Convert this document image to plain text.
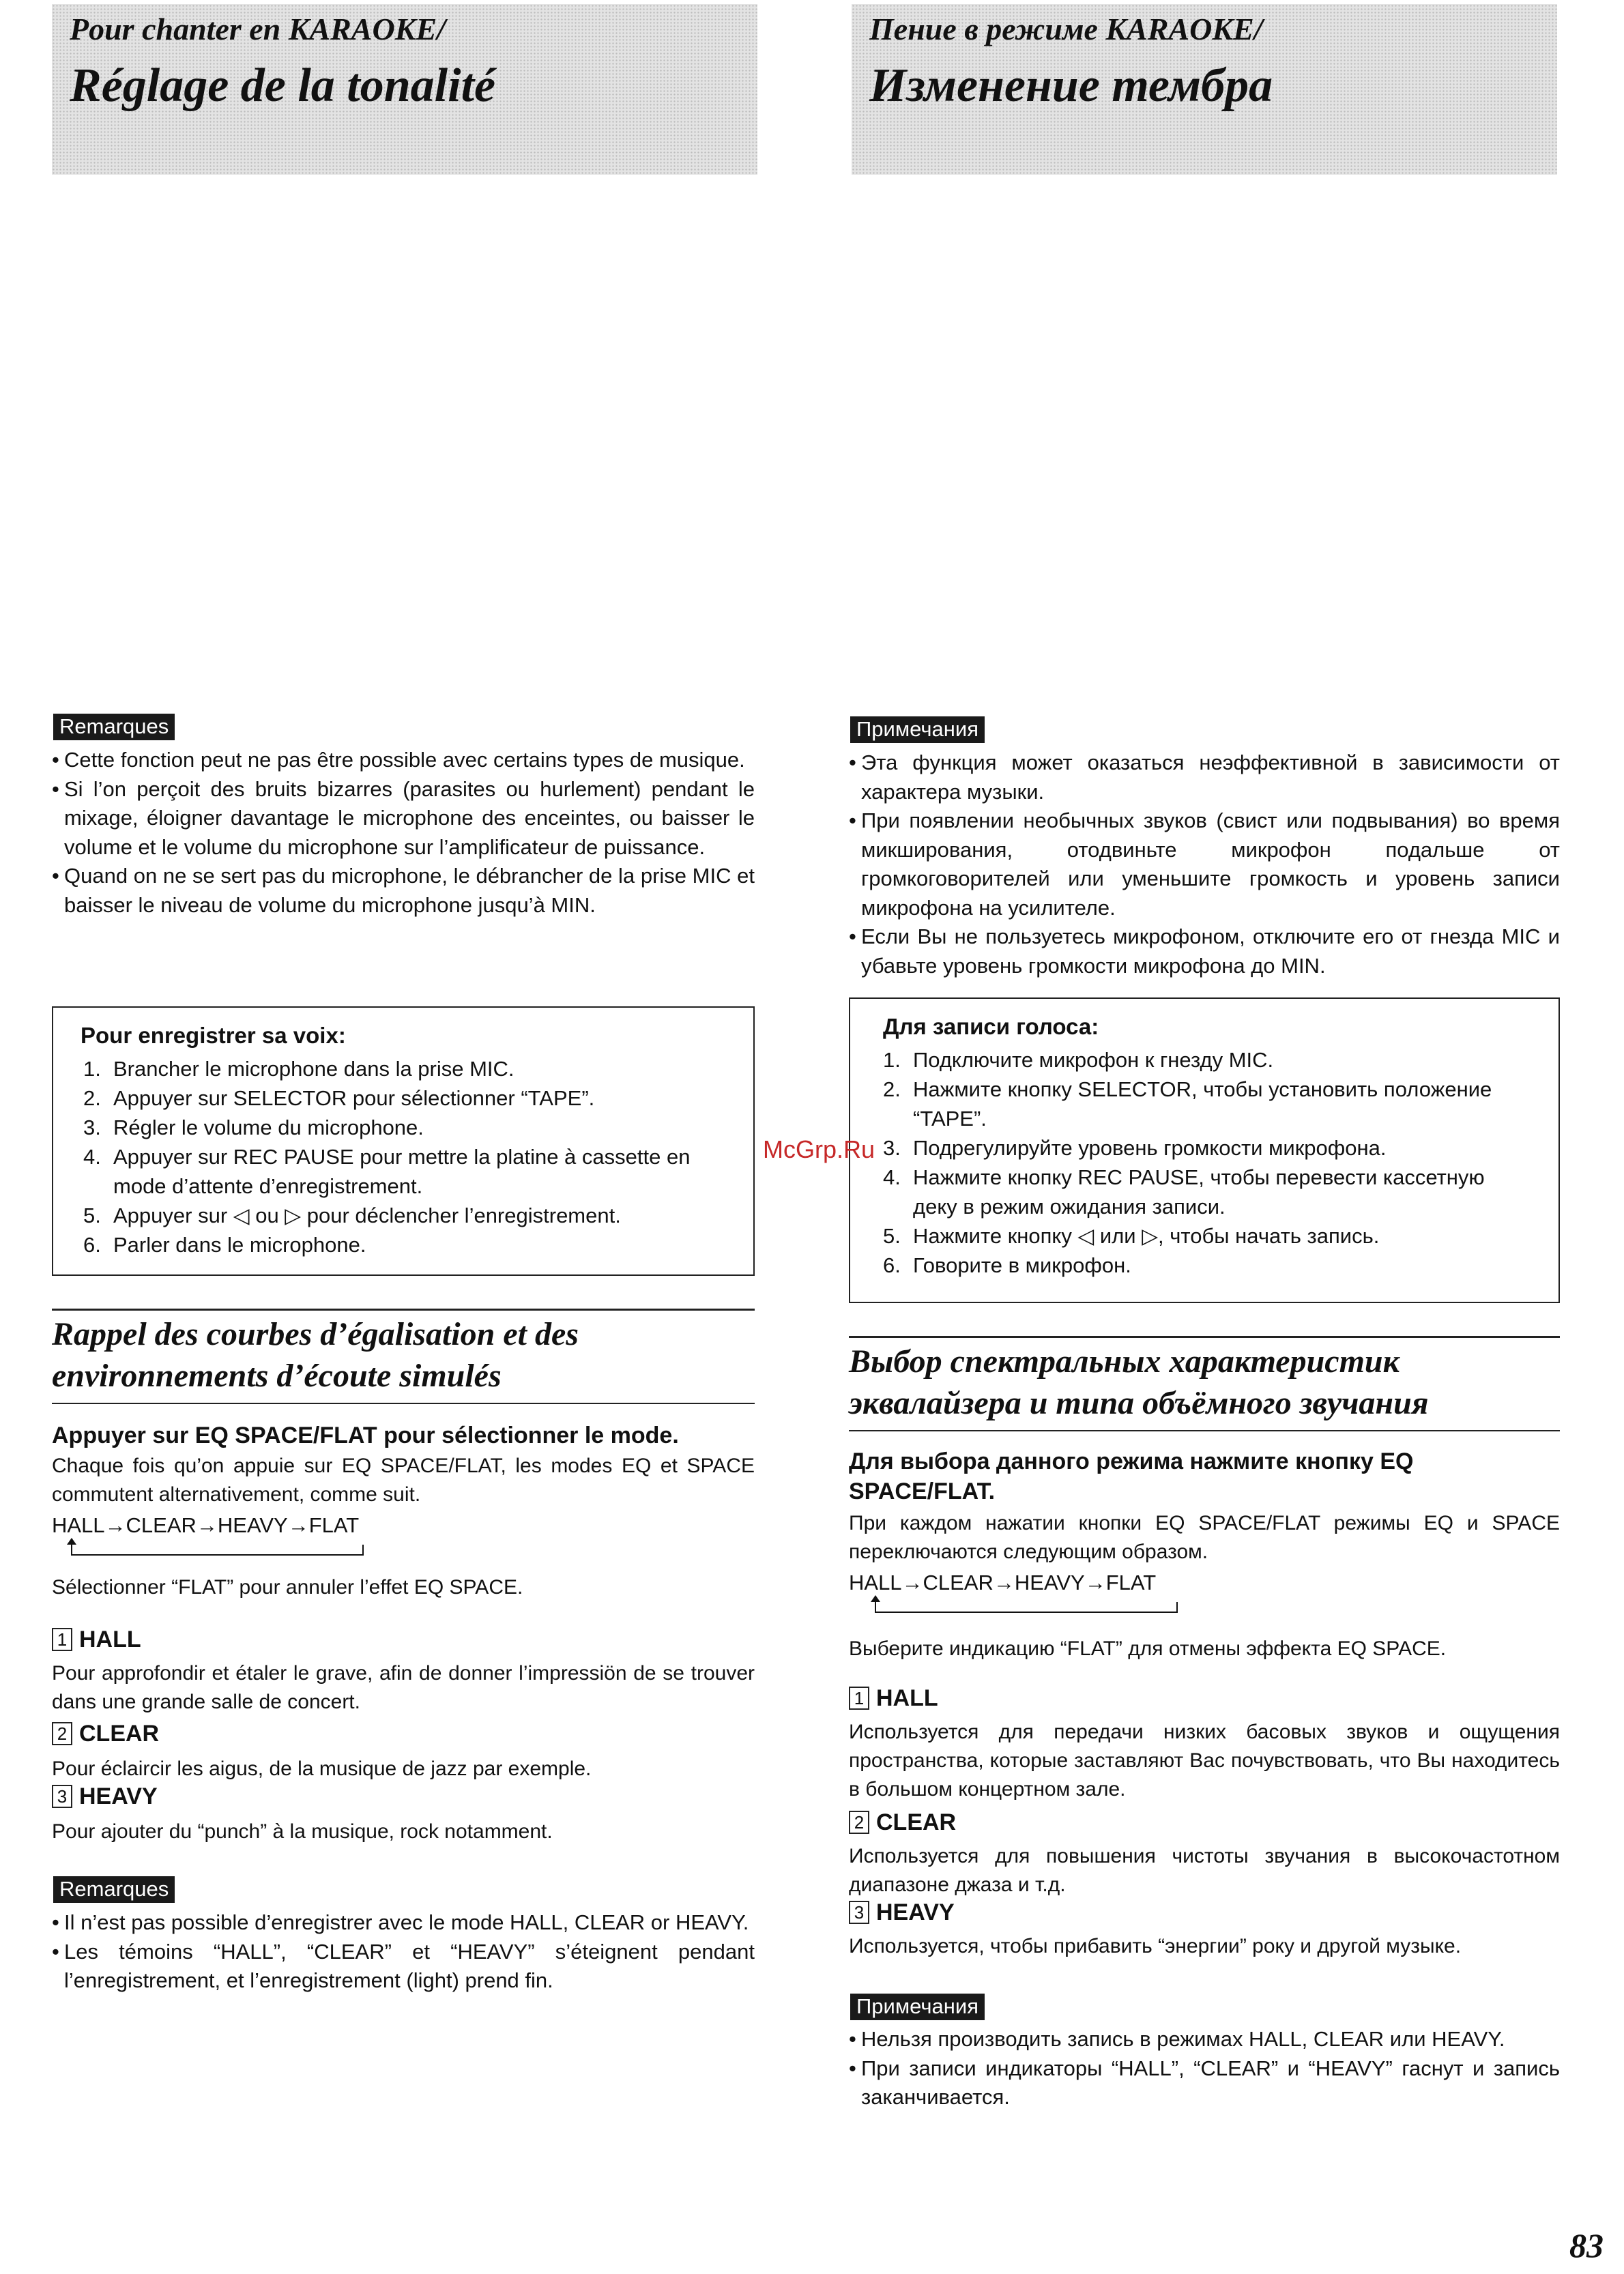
Pour chanter en KARAOKE/
Réglage de la tonalité
Remarques
• Cette fonction peut ne pas être possible avec certains types de musique.
• Si l’on perçoit des bruits bizarres (parasites ou hurlement) pendant le mixage, éloigner davantage le microphone des enceintes, ou baisser le volume et le volume du microphone sur l’amplificateur de puissance.
• Quand on ne se sert pas du microphone, le débrancher de la prise MIC et baisser le niveau de volume du microphone jusqu’à MIN.
Pour enregistrer sa voix:
1. Brancher le microphone dans la prise MIC.
2. Appuyer sur SELECTOR pour sélectionner “TAPE”.
3. Régler le volume du microphone.
4. Appuyer sur REC PAUSE pour mettre la platine à cassette en mode d’attente d’enregistrement.
5. Appuyer sur ◁ ou ▷ pour déclencher l’enregistrement.
6. Parler dans le microphone.
Rappel des courbes d’égalisation et des environnements d’écoute simulés
Appuyer sur EQ SPACE/FLAT pour sélectionner le mode.
Chaque fois qu’on appuie sur EQ SPACE/FLAT, les modes EQ et SPACE commutent alternativement, comme suit.
HALL→CLEAR→HEAVY→FLAT
Sélectionner “FLAT” pour annuler l’effet EQ SPACE.
1 HALL
Pour approfondir et étaler le grave, afin de donner l’impressiön de se trouver dans une grande salle de concert.
2 CLEAR
Pour éclaircir les aigus, de la musique de jazz par exemple.
3 HEAVY
Pour ajouter du “punch” à la musique, rock notamment.
Remarques
• Il n’est pas possible d’enregistrer avec le mode HALL, CLEAR or HEAVY.
• Les témoins “HALL”, “CLEAR” et “HEAVY” s’éteignent pendant l’enregistrement, et l’enregistrement (light) prend fin.
Пение в режиме KARAOKE/
Изменение тембра
Примечания
• Эта функция может оказаться неэффективной в зависимости от характера музыки.
• При появлении необычных звуков (свист или подвывания) во время микширования, отодвиньте микрофон подальше от громкоговорителей или уменьшите громкость и уровень записи микрофона на усилителе.
• Если Вы не пользуетесь микрофоном, отключите его от гнезда MIC и убавьте уровень громкости микрофона до MIN.
Для записи голоса:
1. Подключите микрофон к гнезду MIC.
2. Нажмите кнопку SELECTOR, чтобы установить положение “TAPE”.
3. Подрегулируйте уровень громкости микрофона.
4. Нажмите кнопку REC PAUSE, чтобы перевести кассетную деку в режим ожидания записи.
5. Нажмите кнопку ◁ или ▷, чтобы начать запись.
6. Говорите в микрофон.
McGrp.Ru
Выбор спектральных характеристик эквалайзера и типа объёмного звучания
Для выбора данного режима нажмите кнопку EQ SPACE/FLAT.
При каждом нажатии кнопки EQ SPACE/FLAT режимы EQ и SPACE переключаются следующим образом.
HALL→CLEAR→HEAVY→FLAT
Выберите индикацию “FLAT” для отмены эффекта EQ SPACE.
1 HALL
Используется для передачи низких басовых звуков и ощущения пространства, которые заставляют Вас почувствовать, что Вы находитесь в большом концертном зале.
2 CLEAR
Используется для повышения чистоты звучания в высокочастотном диапазоне джаза и т.д.
3 HEAVY
Используется, чтобы прибавить “энергии” року и другой музыке.
Примечания
• Нельзя производить запись в режимах HALL, CLEAR или HEAVY.
• При записи индикаторы “HALL”, “CLEAR” и “HEAVY” гаснут и запись заканчивается.
83
